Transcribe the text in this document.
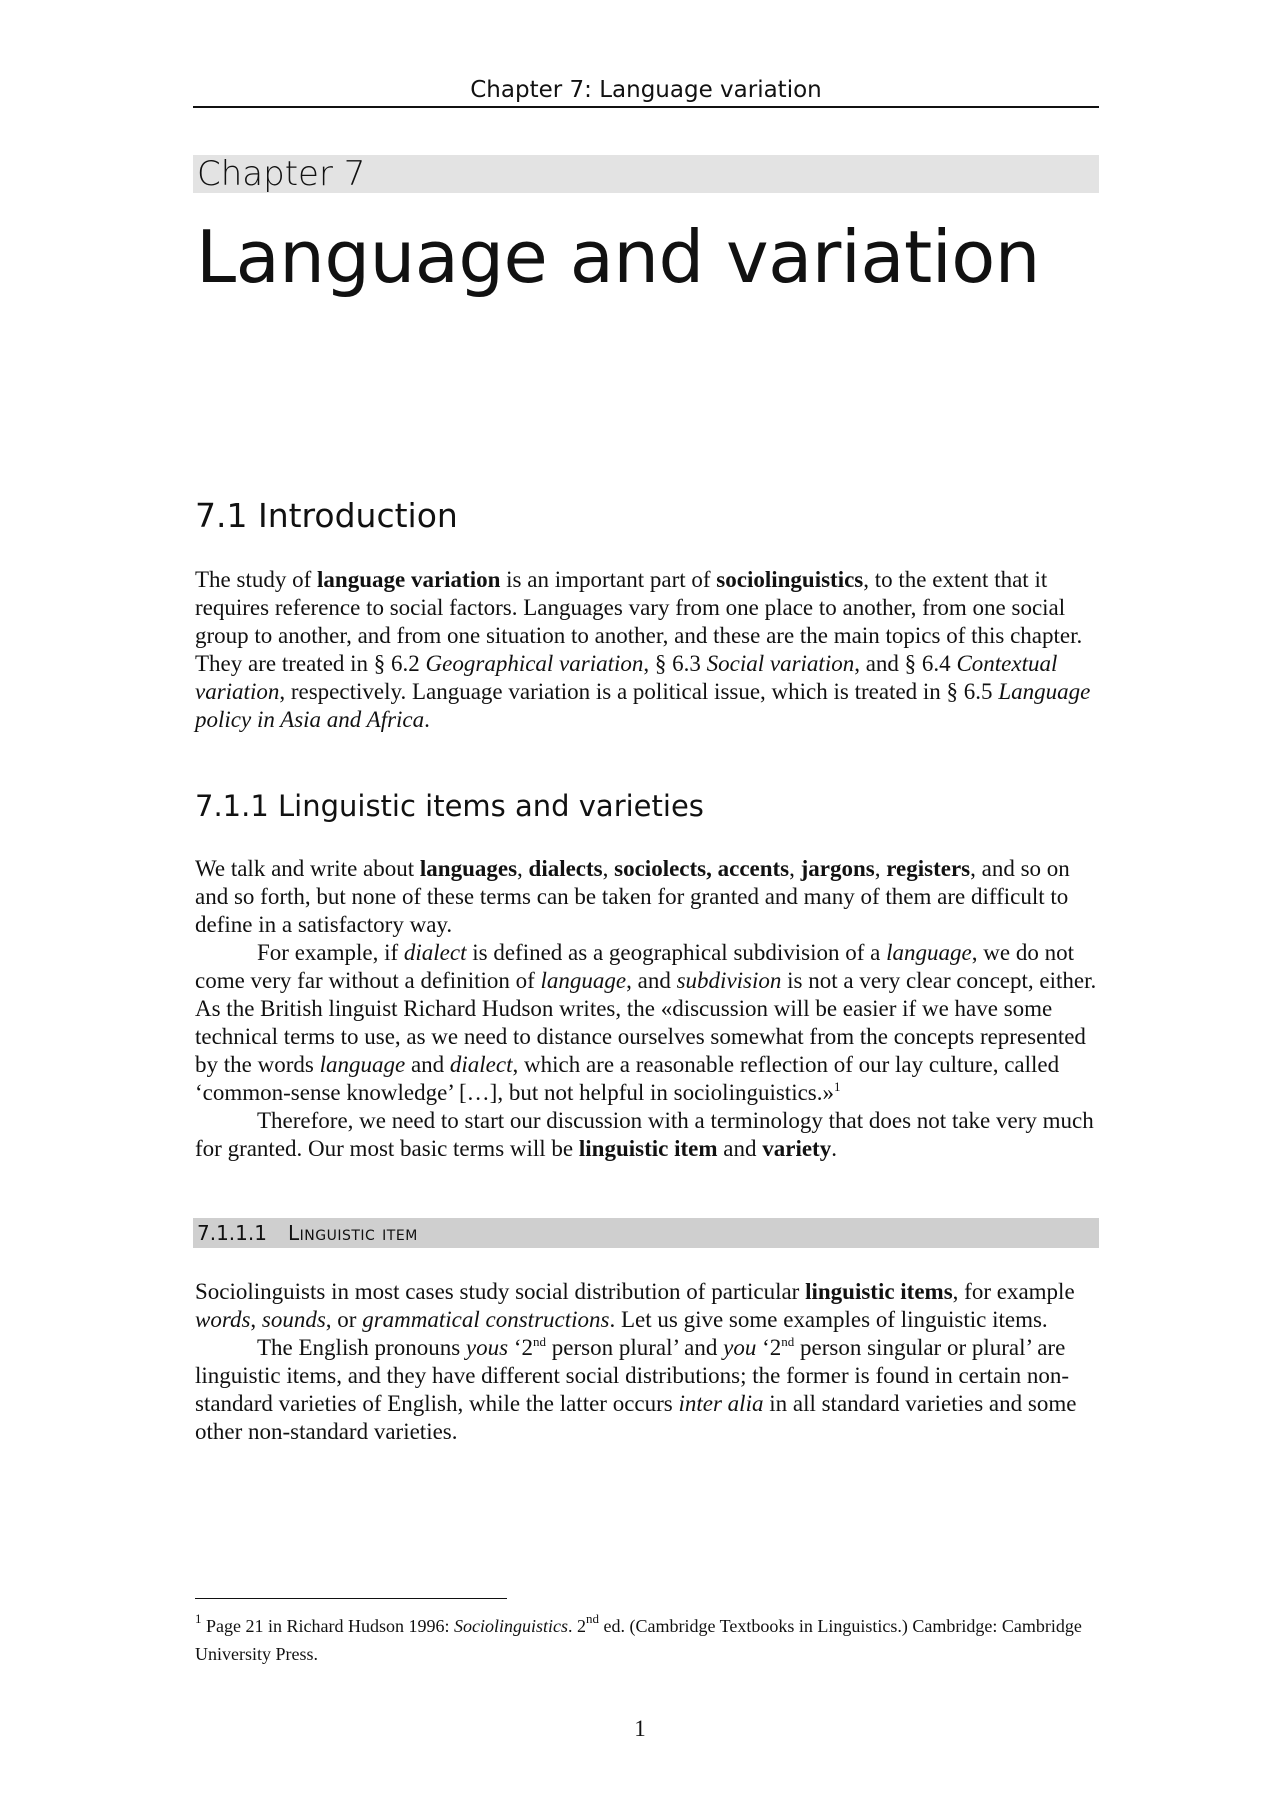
Chapter 7: Language variation
Chapter 7
Language and variation
7.1 Introduction

The study of language variation is an important part of sociolinguistics, to the extent that it requires reference to social factors. Languages vary from one place to another, from one social group to another, and from one situation to another, and these are the main topics of this chapter. They are treated in § 6.2 Geographical variation, § 6.3 Social variation, and § 6.4 Contextual variation, respectively. Language variation is a political issue, which is treated in § 6.5 Language policy in Asia and Africa.

7.1.1 Linguistic items and varieties

We talk and write about languages, dialects, sociolects, accents, jargons, registers, and so on and so forth, but none of these terms can be taken for granted and many of them are difficult to define in a satisfactory way.

For example, if dialect is defined as a geographical subdivision of a language, we do not come very far without a definition of language, and subdivision is not a very clear concept, either. As the British linguist Richard Hudson writes, the «discussion will be easier if we have some technical terms to use, as we need to distance ourselves somewhat from the concepts represented by the words language and dialect, which are a reasonable reflection of our lay culture, called ‘common-sense knowledge’ […], but not helpful in sociolinguistics.»$^1$

Therefore, we need to start our discussion with a terminology that does not take very much for granted. Our most basic terms will be linguistic item and variety.

7.1.1.1 Linguistic item

Sociolinguists in most cases study social distribution of particular linguistic items, for example words, sounds, or grammatical constructions. Let us give some examples of linguistic items.

The English pronouns yous ‘2nd person plural’ and you ‘2nd person singular or plural’ are linguistic items, and they have different social distributions; the former is found in certain non-standard varieties of English, while the latter occurs inter alia in all standard varieties and some other non-standard varieties.

$^1$ Page 21 in Richard Hudson 1996: Sociolinguistics. 2nd ed. (Cambridge Textbooks in Linguistics.) Cambridge: Cambridge University Press.
1
